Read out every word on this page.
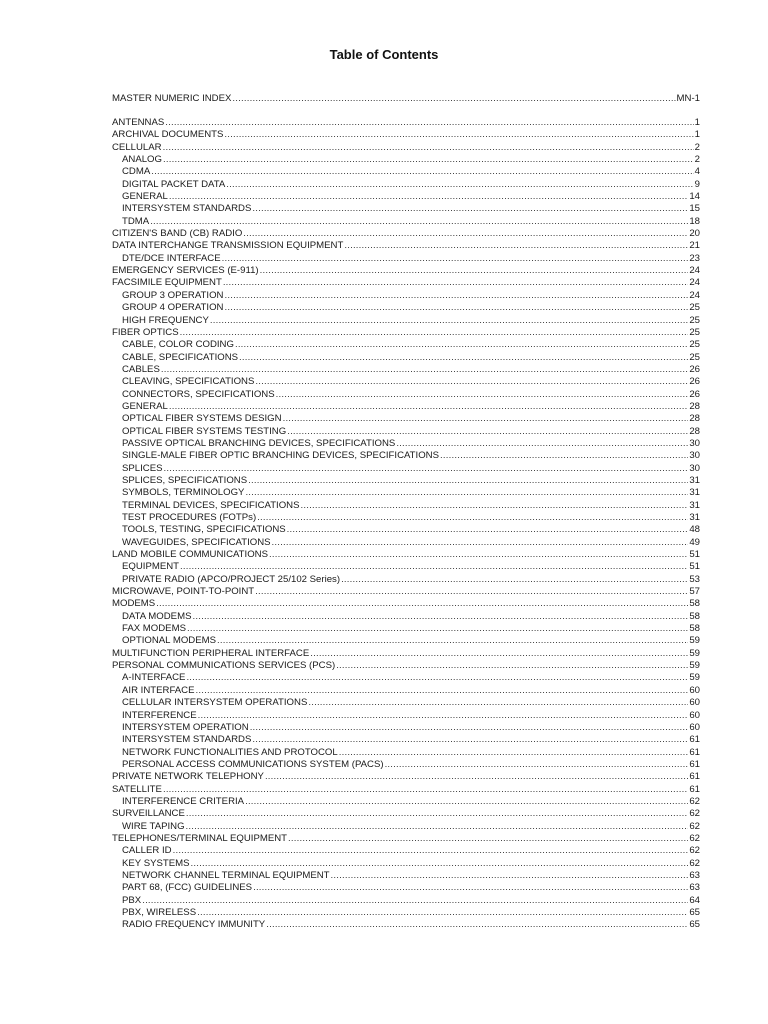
Table of Contents
MASTER NUMERIC INDEX .....	MN-1
ANTENNAS .....	1
ARCHIVAL DOCUMENTS .....	1
CELLULAR .....	2
ANALOG .....	2
CDMA .....	4
DIGITAL PACKET DATA .....	9
GENERAL .....	14
INTERSYSTEM STANDARDS .....	15
TDMA .....	18
CITIZEN'S BAND (CB) RADIO .....	20
DATA INTERCHANGE TRANSMISSION EQUIPMENT .....	21
DTE/DCE INTERFACE .....	23
EMERGENCY SERVICES (E-911) .....	24
FACSIMILE EQUIPMENT .....	24
GROUP 3 OPERATION .....	24
GROUP 4 OPERATION .....	25
HIGH FREQUENCY .....	25
FIBER OPTICS .....	25
CABLE, COLOR CODING .....	25
CABLE, SPECIFICATIONS .....	25
CABLES .....	26
CLEAVING, SPECIFICATIONS .....	26
CONNECTORS, SPECIFICATIONS .....	26
GENERAL .....	28
OPTICAL FIBER SYSTEMS DESIGN .....	28
OPTICAL FIBER SYSTEMS TESTING .....	28
PASSIVE OPTICAL BRANCHING DEVICES, SPECIFICATIONS .....	30
SINGLE-MALE FIBER OPTIC BRANCHING DEVICES, SPECIFICATIONS .....	30
SPLICES .....	30
SPLICES, SPECIFICATIONS .....	31
SYMBOLS, TERMINOLOGY .....	31
TERMINAL DEVICES, SPECIFICATIONS .....	31
TEST PROCEDURES (FOTPs) .....	31
TOOLS, TESTING, SPECIFICATIONS .....	48
WAVEGUIDES, SPECIFICATIONS .....	49
LAND MOBILE COMMUNICATIONS .....	51
EQUIPMENT .....	51
PRIVATE RADIO (APCO/PROJECT 25/102 Series) .....	53
MICROWAVE, POINT-TO-POINT .....	57
MODEMS .....	58
DATA MODEMS .....	58
FAX MODEMS .....	58
OPTIONAL MODEMS .....	59
MULTIFUNCTION PERIPHERAL INTERFACE .....	59
PERSONAL COMMUNICATIONS SERVICES (PCS) .....	59
A-INTERFACE .....	59
AIR INTERFACE .....	60
CELLULAR INTERSYSTEM OPERATIONS .....	60
INTERFERENCE .....	60
INTERSYSTEM OPERATION .....	60
INTERSYSTEM STANDARDS .....	61
NETWORK FUNCTIONALITIES AND PROTOCOL .....	61
PERSONAL ACCESS COMMUNICATIONS SYSTEM (PACS) .....	61
PRIVATE NETWORK TELEPHONY .....	61
SATELLITE .....	61
INTERFERENCE CRITERIA .....	62
SURVEILLANCE .....	62
WIRE TAPING .....	62
TELEPHONES/TERMINAL EQUIPMENT .....	62
CALLER ID .....	62
KEY SYSTEMS .....	62
NETWORK CHANNEL TERMINAL EQUIPMENT .....	63
PART 68, (FCC) GUIDELINES .....	63
PBX .....	64
PBX, WIRELESS .....	65
RADIO FREQUENCY IMMUNITY .....	65
